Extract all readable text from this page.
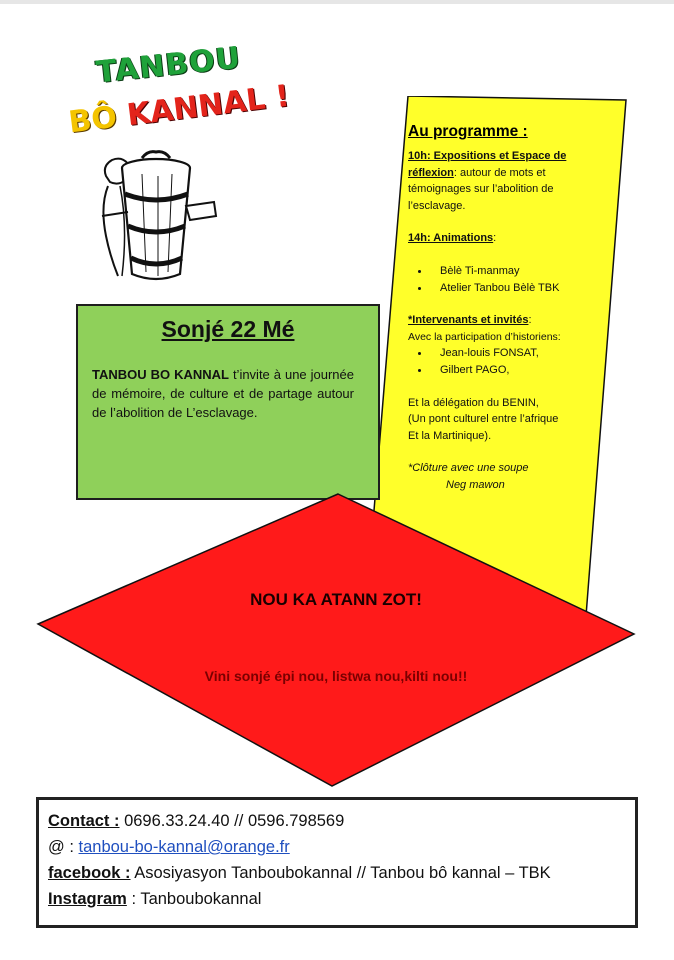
TANBOU
BÔ KANNAL !	Au programme :

10h: Expositions et Espace de réflexion: autour de mots et témoignages sur l’abolition de l’esclavage.

14h: Animations:

Bèlè Ti-manmay
Atelier Tanbou Bèlè TBK

*Intervenants et invités:

Avec la participation d’historiens:

Jean-louis FONSAT,
Gilbert PAGO,

Et la délégation du BENIN,

(Un pont culturel entre l’afrique

Et la Martinique).

*Clôture avec une soupe

Neg mawon

Sonjé 22 Mé
TANBOU BO KANNAL t’invite à une journée de mémoire, de culture et de partage autour de l’abolition de L’esclavage.
NOU KA ATANN ZOT!
Vini sonjé épi nou, listwa nou,kilti nou!!
Contact : 0696.33.24.40 // 0596.798569
@ : tanbou-bo-kannal@orange.fr
facebook : Asosiyasyon Tanboubokannal // Tanbou bô kannal – TBK
Instagram : Tanboubokannal
